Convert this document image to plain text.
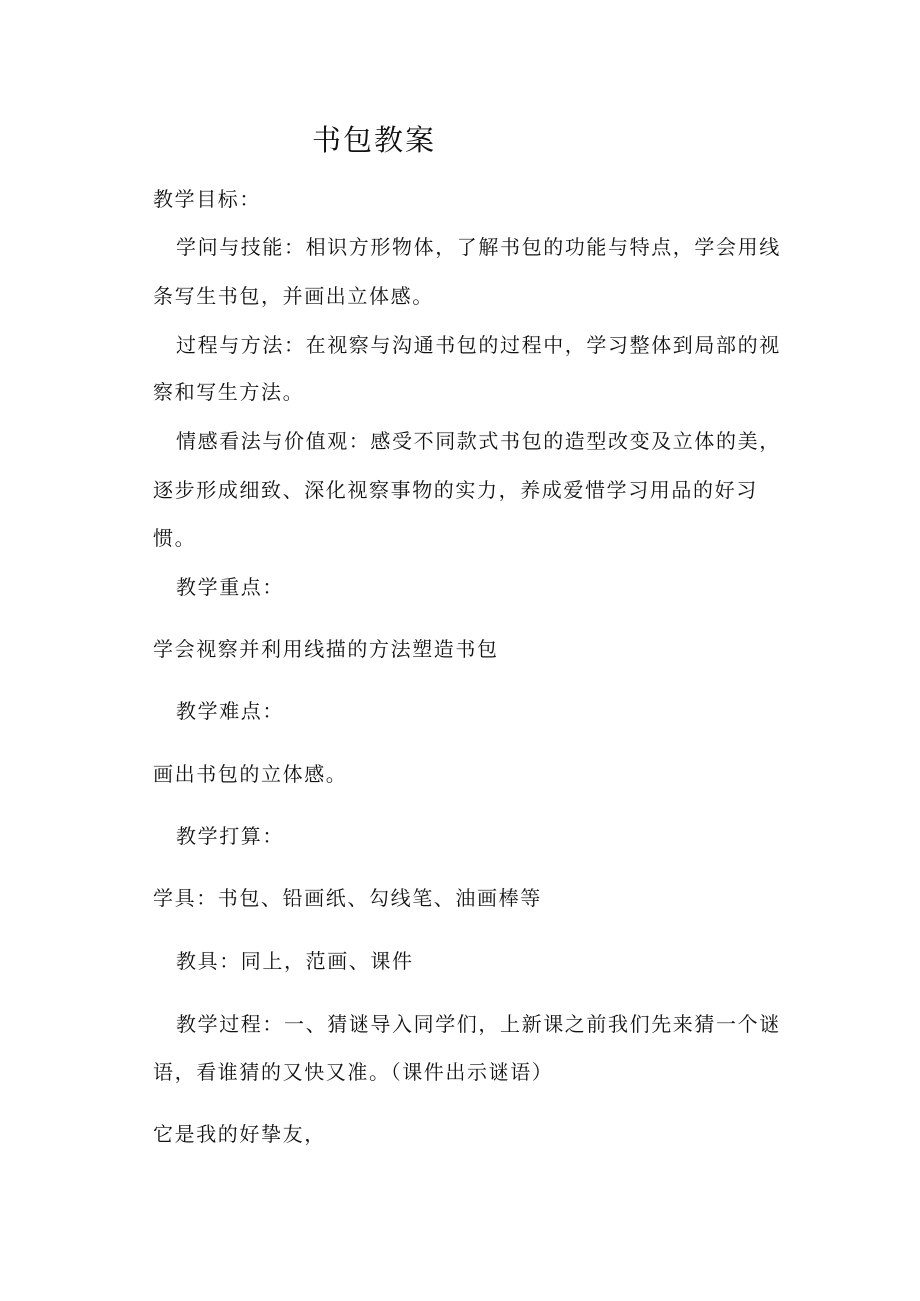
书包教案
教学目标：
学问与技能：相识方形物体，了解书包的功能与特点，学会用线
条写生书包，并画出立体感。
过程与方法：在视察与沟通书包的过程中，学习整体到局部的视
察和写生方法。
情感看法与价值观：感受不同款式书包的造型改变及立体的美，
逐步形成细致、深化视察事物的实力，养成爱惜学习用品的好习
惯。
教学重点：
学会视察并利用线描的方法塑造书包
教学难点：
画出书包的立体感。
教学打算：
学具：书包、铅画纸、勾线笔、油画棒等
教具：同上，范画、课件
教学过程：一、猜谜导入同学们，上新课之前我们先来猜一个谜
语，看谁猜的又快又准。（课件出示谜语）
它是我的好挚友，
